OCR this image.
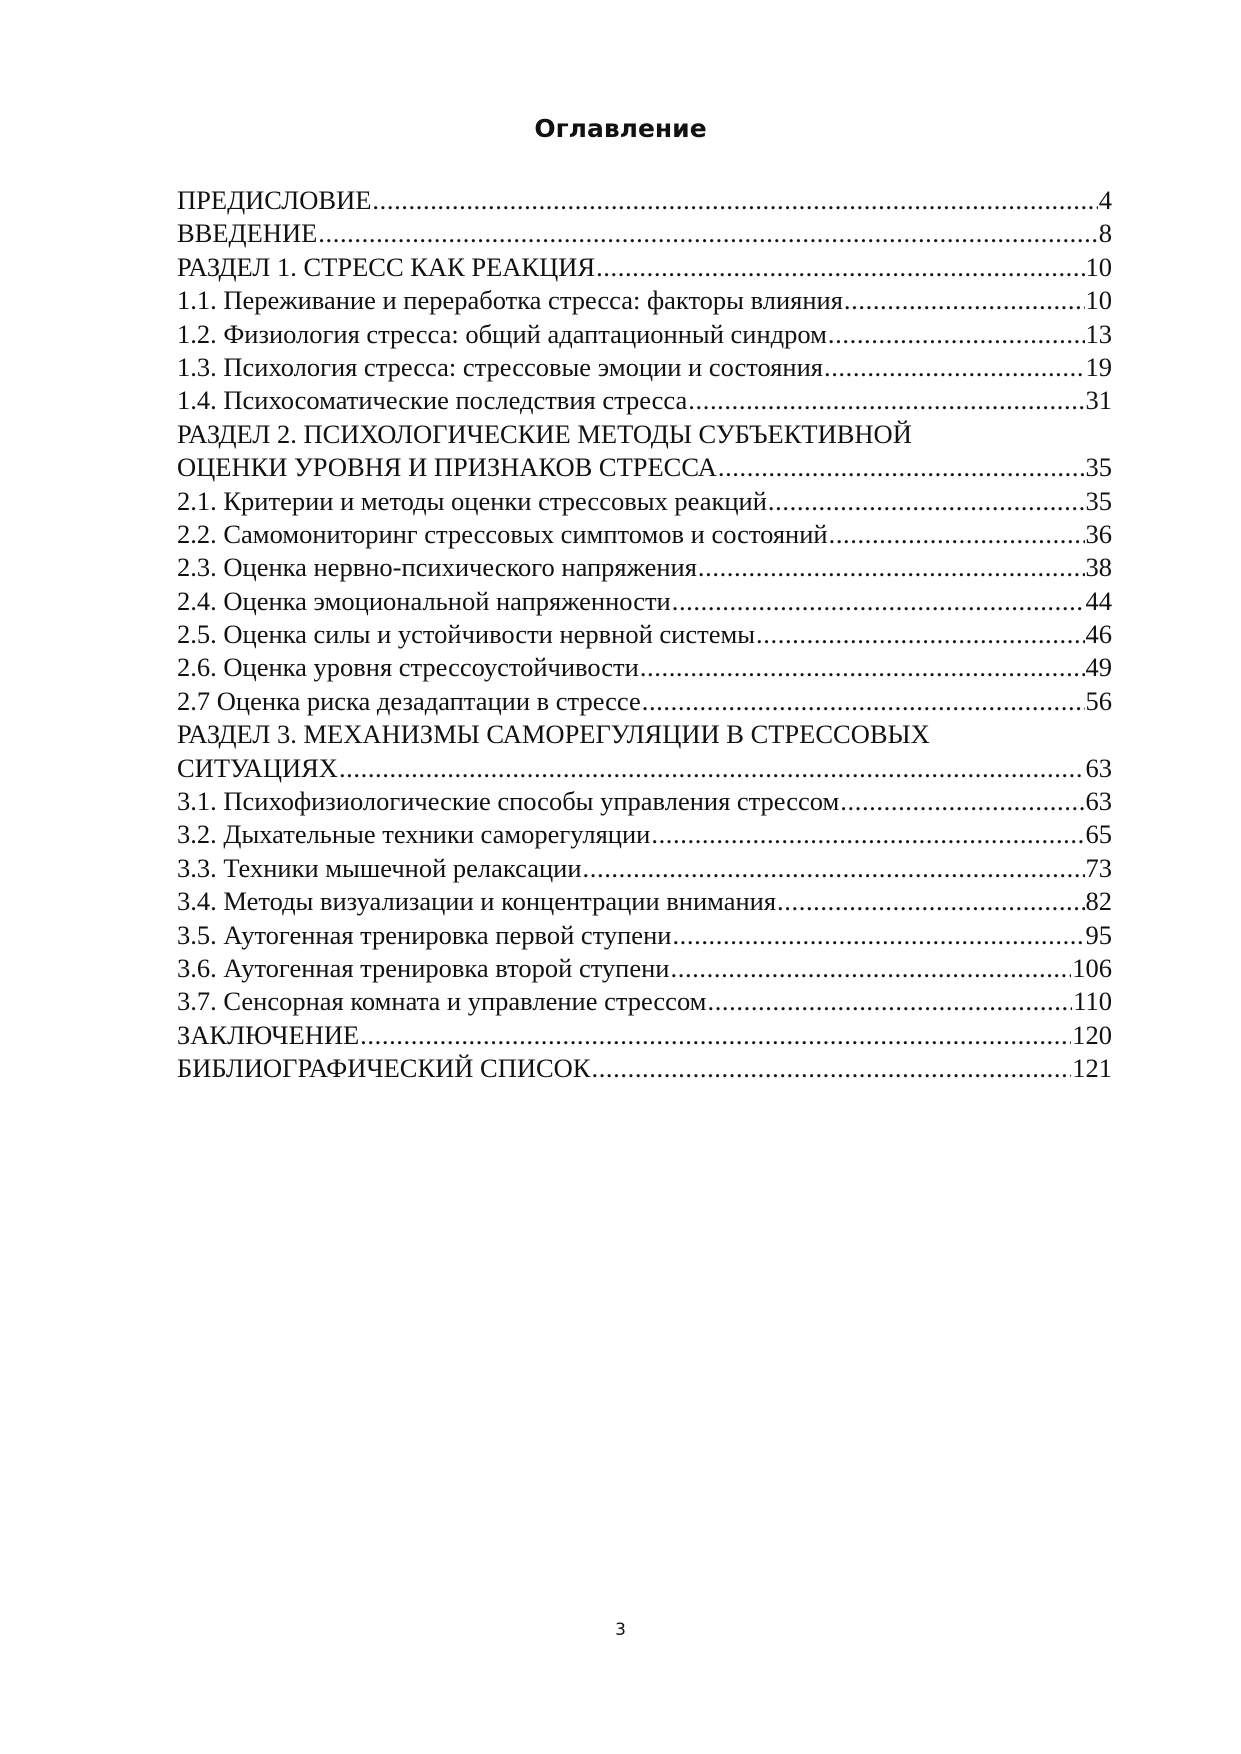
Оглавление
ПРЕДИСЛОВИЕ .....	4
ВВЕДЕНИЕ .....	8
РАЗДЕЛ 1. СТРЕСС КАК РЕАКЦИЯ .....	10
1.1. Переживание и переработка стресса: факторы влияния .....	10
1.2. Физиология стресса: общий адаптационный синдром .....	13
1.3. Психология стресса: стрессовые эмоции и состояния .....	19
1.4. Психосоматические последствия стресса .....	31
РАЗДЕЛ 2. ПСИХОЛОГИЧЕСКИЕ МЕТОДЫ СУБЪЕКТИВНОЙ
ОЦЕНКИ УРОВНЯ И ПРИЗНАКОВ СТРЕССА .....	35
2.1. Критерии и методы оценки стрессовых реакций .....	35
2.2. Самомониторинг стрессовых симптомов и состояний .....	36
2.3. Оценка нервно-психического напряжения .....	38
2.4. Оценка эмоциональной напряженности .....	44
2.5. Оценка силы и устойчивости нервной системы .....	46
2.6. Оценка уровня стрессоустойчивости .....	49
2.7 Оценка риска дезадаптации в стрессе .....	56
РАЗДЕЛ 3. МЕХАНИЗМЫ САМОРЕГУЛЯЦИИ В СТРЕССОВЫХ
СИТУАЦИЯХ .....	63
3.1. Психофизиологические способы управления стрессом .....	63
3.2. Дыхательные техники саморегуляции .....	65
3.3. Техники мышечной релаксации .....	73
3.4. Методы визуализации и концентрации внимания .....	82
3.5. Аутогенная тренировка первой ступени .....	95
3.6. Аутогенная тренировка второй ступени .....	106
3.7. Сенсорная комната и управление стрессом .....	110
ЗАКЛЮЧЕНИЕ .....	120
БИБЛИОГРАФИЧЕСКИЙ СПИСОК .....	121
3
